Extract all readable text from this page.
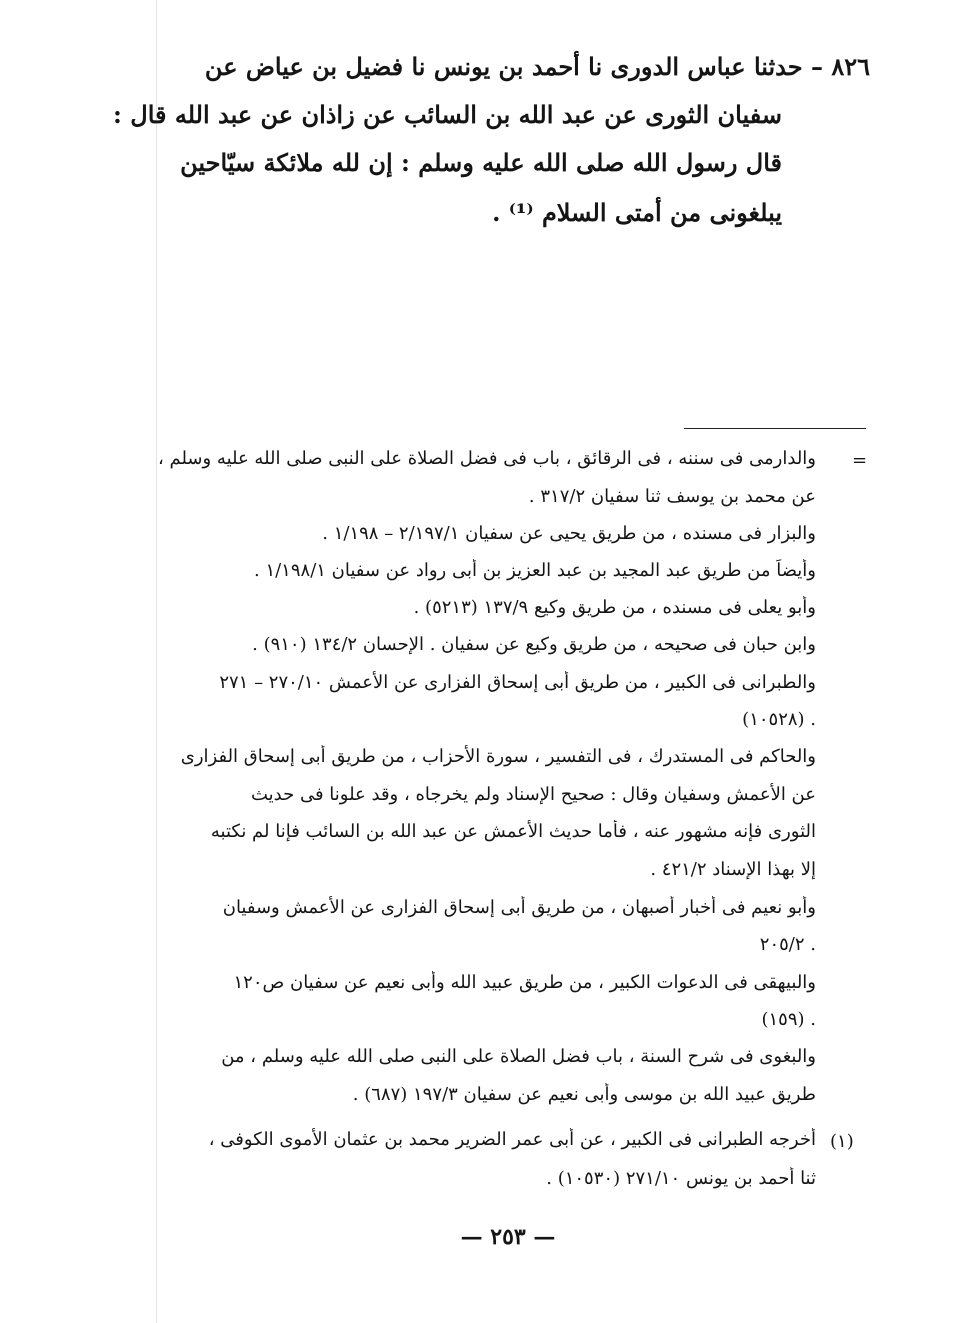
٨٢٦ – حدثنا عباس الدورى نا أحمد بن يونس نا فضيل بن عياض عن
سفيان الثورى عن عبد الله بن السائب عن زاذان عن عبد الله قال :
قال رسول الله صلى الله عليه وسلم : إن لله ملائكة سيّاحين
يبلغونى من أمتى السلام ⁽¹⁾ .
=
والدارمى فى سننه ، فى الرقائق ، باب فى فضل الصلاة على النبى صلى الله عليه وسلم ،
عن محمد بن يوسف ثنا سفيان ٣١٧/٢ .
والبزار فى مسنده ، من طريق يحيى عن سفيان ٢/١٩٧/١ – ١/١٩٨ .
وأيضاً من طريق عبد المجيد بن عبد العزيز بن أبى رواد عن سفيان ١/١٩٨/١ .
وأبو يعلى فى مسنده ، من طريق وكيع ١٣٧/٩ (٥٢١٣) .
وابن حبان فى صحيحه ، من طريق وكيع عن سفيان . الإحسان ١٣٤/٢ (٩١٠) .
والطبرانى فى الكبير ، من طريق أبى إسحاق الفزارى عن الأعمش ٢٧٠/١٠ – ٢٧١
(١٠٥٢٨) .
والحاكم فى المستدرك ، فى التفسير ، سورة الأحزاب ، من طريق أبى إسحاق الفزارى
عن الأعمش وسفيان وقال : صحيح الإسناد ولم يخرجاه ، وقد علونا فى حديث
الثورى فإنه مشهور عنه ، فأما حديث الأعمش عن عبد الله بن السائب فإنا لم نكتبه
إلا بهذا الإسناد ٤٢١/٢ .
وأبو نعيم فى أخبار أصبهان ، من طريق أبى إسحاق الفزارى عن الأعمش وسفيان
٢٠٥/٢ .
والبيهقى فى الدعوات الكبير ، من طريق عبيد الله وأبى نعيم عن سفيان ص١٢٠
(١٥٩) .
والبغوى فى شرح السنة ، باب فضل الصلاة على النبى صلى الله عليه وسلم ، من
طريق عبيد الله بن موسى وأبى نعيم عن سفيان ١٩٧/٣ (٦٨٧) .
أخرجه الطبرانى فى الكبير ، عن أبى عمر الضرير محمد بن عثمان الأموى الكوفى ،
ثنا أحمد بن يونس ٢٧١/١٠ (١٠٥٣٠) .
(١)
— ٢٥٣ —
